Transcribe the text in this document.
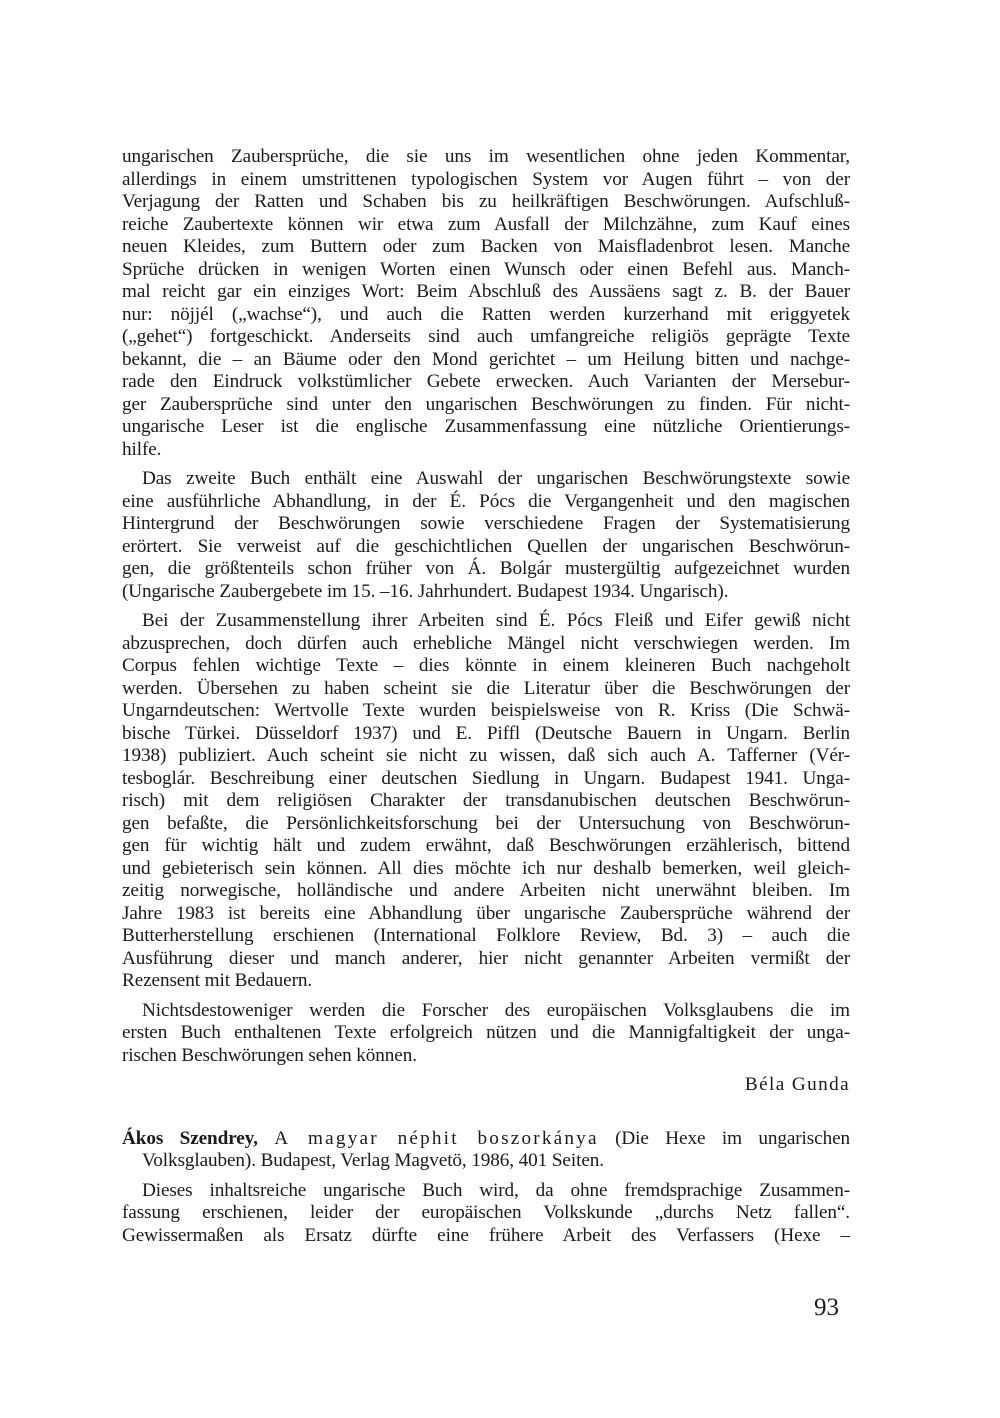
ungarischen Zaubersprüche, die sie uns im wesentlichen ohne jeden Kommentar,
allerdings in einem umstrittenen typologischen System vor Augen führt – von der
Verjagung der Ratten und Schaben bis zu heilkräftigen Beschwörungen. Aufschluß-
reiche Zaubertexte können wir etwa zum Ausfall der Milchzähne, zum Kauf eines
neuen Kleides, zum Buttern oder zum Backen von Maisfladenbrot lesen. Manche
Sprüche drücken in wenigen Worten einen Wunsch oder einen Befehl aus. Manch-
mal reicht gar ein einziges Wort: Beim Abschluß des Aussäens sagt z. B. der Bauer
nur: nöjjél („wachse“), und auch die Ratten werden kurzerhand mit eriggyetek
(„gehet“) fortgeschickt. Anderseits sind auch umfangreiche religiös geprägte Texte
bekannt, die – an Bäume oder den Mond gerichtet – um Heilung bitten und nachge-
rade den Eindruck volkstümlicher Gebete erwecken. Auch Varianten der Mersebur-
ger Zaubersprüche sind unter den ungarischen Beschwörungen zu finden. Für nicht-
ungarische Leser ist die englische Zusammenfassung eine nützliche Orientierungs-
hilfe.
Das zweite Buch enthält eine Auswahl der ungarischen Beschwörungstexte sowie
eine ausführliche Abhandlung, in der É. Pócs die Vergangenheit und den magischen
Hintergrund der Beschwörungen sowie verschiedene Fragen der Systematisierung
erörtert. Sie verweist auf die geschichtlichen Quellen der ungarischen Beschwörun-
gen, die größtenteils schon früher von Á. Bolgár mustergültig aufgezeichnet wurden
(Ungarische Zaubergebete im 15. –16. Jahrhundert. Budapest 1934. Ungarisch).
Bei der Zusammenstellung ihrer Arbeiten sind É. Pócs Fleiß und Eifer gewiß nicht
abzusprechen, doch dürfen auch erhebliche Mängel nicht verschwiegen werden. Im
Corpus fehlen wichtige Texte – dies könnte in einem kleineren Buch nachgeholt
werden. Übersehen zu haben scheint sie die Literatur über die Beschwörungen der
Ungarndeutschen: Wertvolle Texte wurden beispielsweise von R. Kriss (Die Schwä-
bische Türkei. Düsseldorf 1937) und E. Piffl (Deutsche Bauern in Ungarn. Berlin
1938) publiziert. Auch scheint sie nicht zu wissen, daß sich auch A. Tafferner (Vér-
tesboglár. Beschreibung einer deutschen Siedlung in Ungarn. Budapest 1941. Unga-
risch) mit dem religiösen Charakter der transdanubischen deutschen Beschwörun-
gen befaßte, die Persönlichkeitsforschung bei der Untersuchung von Beschwörun-
gen für wichtig hält und zudem erwähnt, daß Beschwörungen erzählerisch, bittend
und gebieterisch sein können. All dies möchte ich nur deshalb bemerken, weil gleich-
zeitig norwegische, holländische und andere Arbeiten nicht unerwähnt bleiben. Im
Jahre 1983 ist bereits eine Abhandlung über ungarische Zaubersprüche während der
Butterherstellung erschienen (International Folklore Review, Bd. 3) – auch die
Ausführung dieser und manch anderer, hier nicht genannter Arbeiten vermißt der
Rezensent mit Bedauern.
Nichtsdestoweniger werden die Forscher des europäischen Volksglaubens die im
ersten Buch enthaltenen Texte erfolgreich nützen und die Mannigfaltigkeit der unga-
rischen Beschwörungen sehen können.
Béla Gunda
Ákos Szendrey, A magyar néphit boszorkánya (Die Hexe im ungarischen
Volksglauben). Budapest, Verlag Magvetö, 1986, 401 Seiten.
Dieses inhaltsreiche ungarische Buch wird, da ohne fremdsprachige Zusammen-
fassung erschienen, leider der europäischen Volkskunde „durchs Netz fallen“.
Gewissermaßen als Ersatz dürfte eine frühere Arbeit des Verfassers (Hexe –
93
